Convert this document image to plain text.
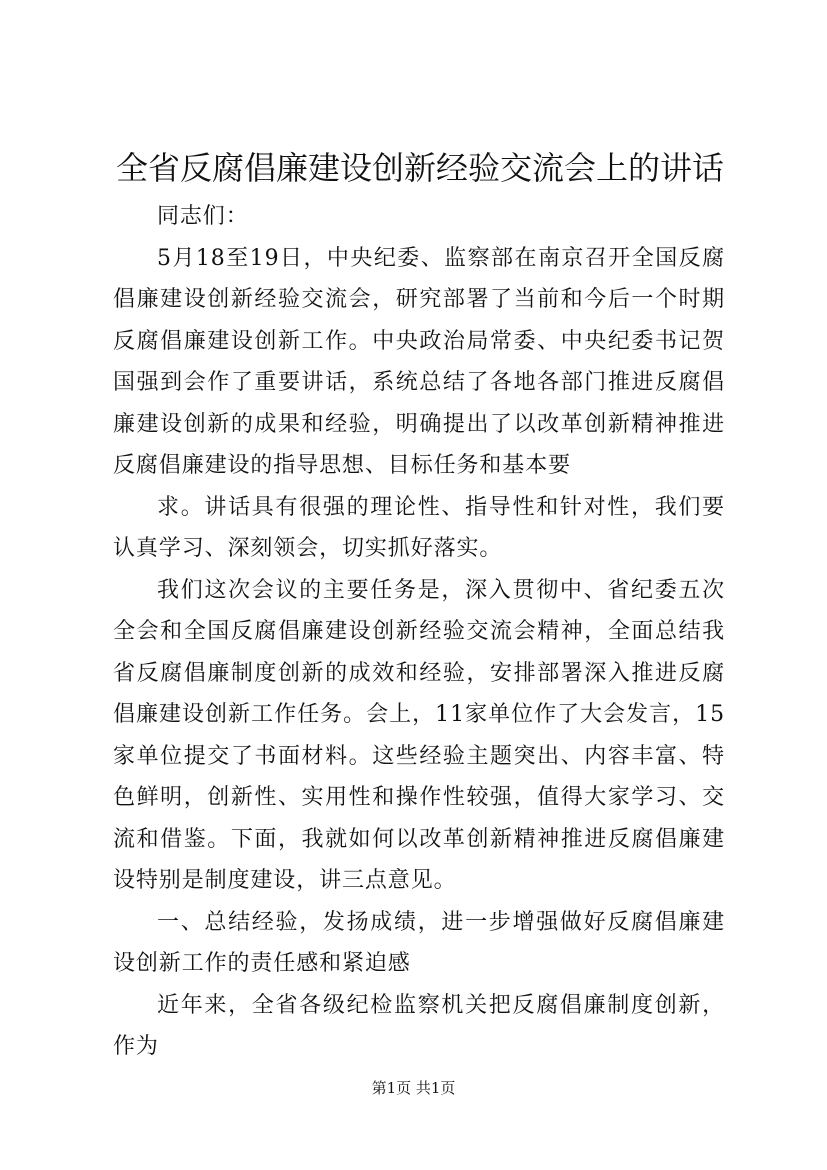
全省反腐倡廉建设创新经验交流会上的讲话

同志们：

5月18至19日，中央纪委、监察部在南京召开全国反腐倡廉建设创新经验交流会，研究部署了当前和今后一个时期反腐倡廉建设创新工作。中央政治局常委、中央纪委书记贺国强到会作了重要讲话，系统总结了各地各部门推进反腐倡廉建设创新的成果和经验，明确提出了以改革创新精神推进反腐倡廉建设的指导思想、目标任务和基本要

求。讲话具有很强的理论性、指导性和针对性，我们要认真学习、深刻领会，切实抓好落实。

我们这次会议的主要任务是，深入贯彻中、省纪委五次全会和全国反腐倡廉建设创新经验交流会精神，全面总结我省反腐倡廉制度创新的成效和经验，安排部署深入推进反腐倡廉建设创新工作任务。会上，11家单位作了大会发言，15家单位提交了书面材料。这些经验主题突出、内容丰富、特色鲜明，创新性、实用性和操作性较强，值得大家学习、交流和借鉴。下面，我就如何以改革创新精神推进反腐倡廉建设特别是制度建设，讲三点意见。

一、总结经验，发扬成绩，进一步增强做好反腐倡廉建设创新工作的责任感和紧迫感

近年来，全省各级纪检监察机关把反腐倡廉制度创新，作为

第1页 共1页
